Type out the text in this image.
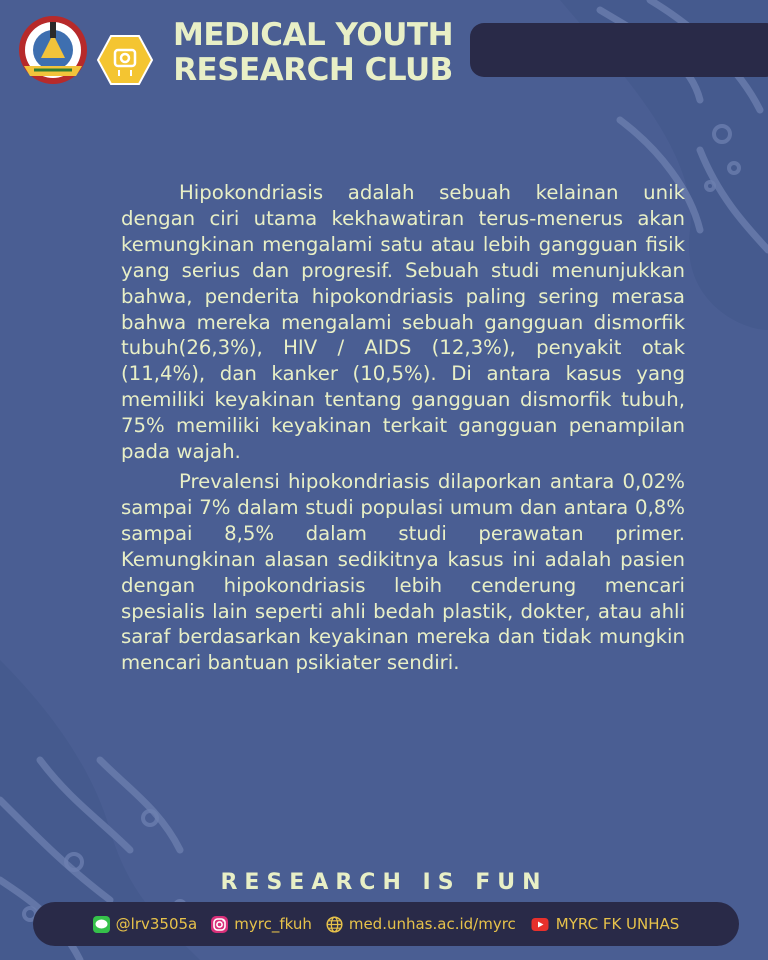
MEDICAL YOUTH
RESEARCH CLUB

Hipokondriasis adalah sebuah kelainan unik dengan ciri utama kekhawatiran terus-menerus akan kemungkinan mengalami satu atau lebih gangguan fisik yang serius dan progresif. Sebuah studi menunjukkan bahwa, penderita hipokondriasis paling sering merasa bahwa mereka mengalami sebuah gangguan dismorfik tubuh(26,3%), HIV / AIDS (12,3%), penyakit otak (11,4%), dan kanker (10,5%). Di antara kasus yang memiliki keyakinan tentang gangguan dismorfik tubuh, 75% memiliki keyakinan terkait gangguan penampilan pada wajah.

Prevalensi hipokondriasis dilaporkan antara 0,02% sampai 7% dalam studi populasi umum dan antara 0,8% sampai 8,5% dalam studi perawatan primer. Kemungkinan alasan sedikitnya kasus ini adalah pasien dengan hipokondriasis lebih cenderung mencari spesialis lain seperti ahli bedah plastik, dokter, atau ahli saraf berdasarkan keyakinan mereka dan tidak mungkin mencari bantuan psikiater sendiri.

RESEARCH IS FUN
@lrv3505a myrc_fkuh med.unhas.ac.id/myrc	MYRC FK UNHAS
